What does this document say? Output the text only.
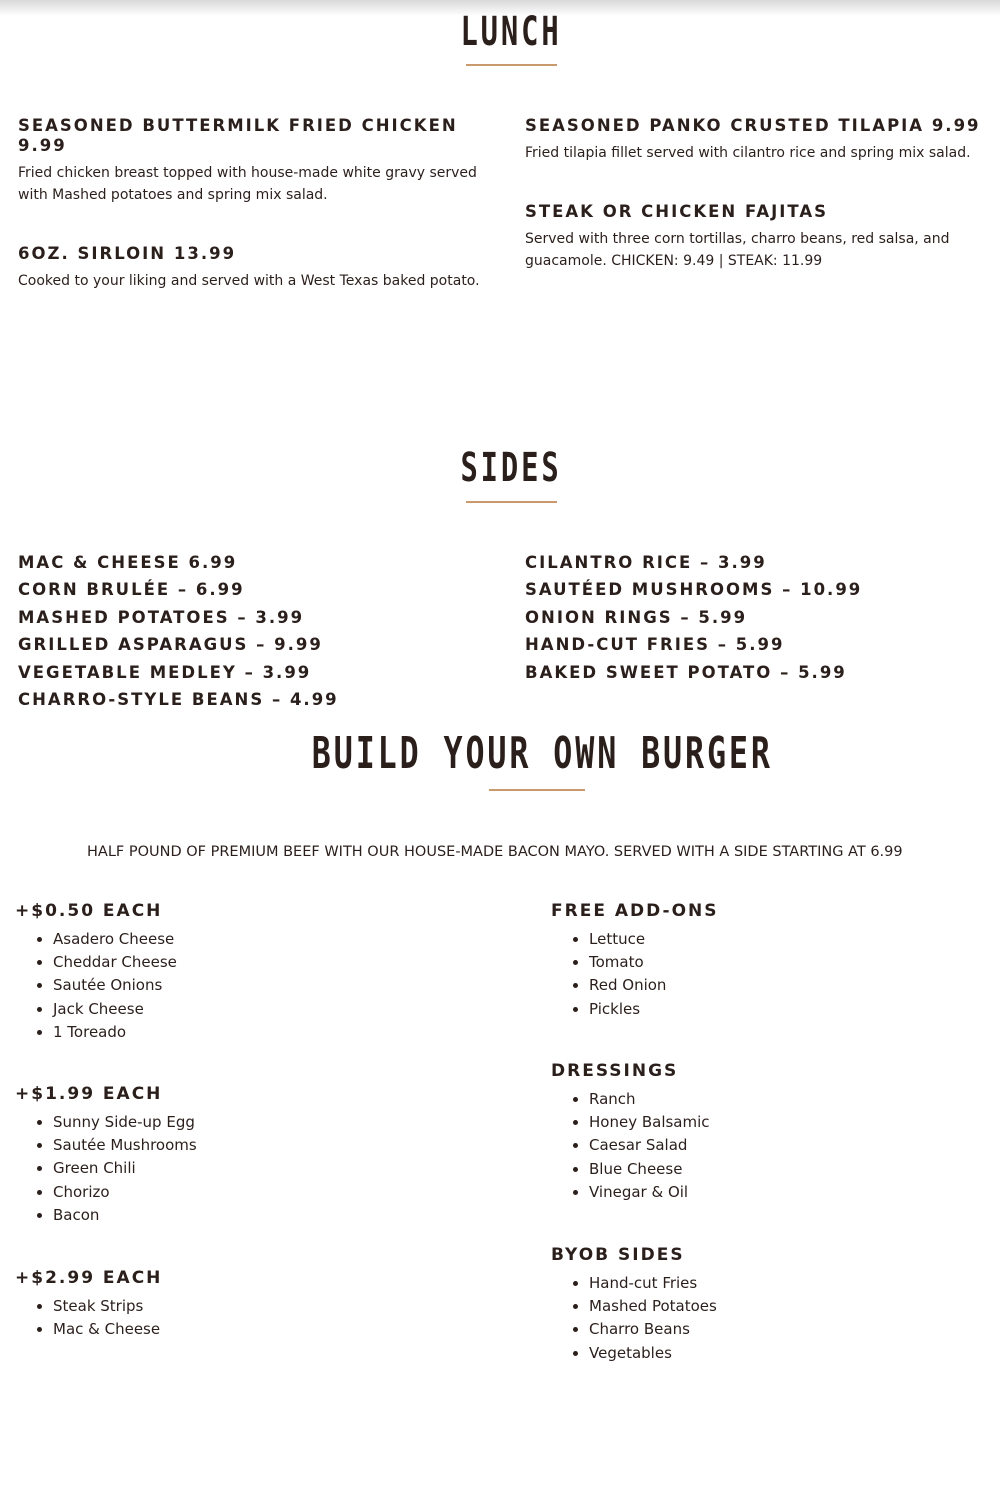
LUNCH
SEASONED BUTTERMILK FRIED CHICKEN 9.99

Fried chicken breast topped with house-made white gravy served with Mashed potatoes and spring mix salad.

6OZ. SIRLOIN 13.99

Cooked to your liking and served with a West Texas baked potato.

SEASONED PANKO CRUSTED TILAPIA 9.99

Fried tilapia fillet served with cilantro rice and spring mix salad.

STEAK OR CHICKEN FAJITAS

Served with three corn tortillas, charro beans, red salsa, and guacamole. CHICKEN: 9.49 | STEAK: 11.99

SIDES
MAC & CHEESE 6.99
CORN BRULÉE – 6.99
MASHED POTATOES – 3.99
GRILLED ASPARAGUS – 9.99
VEGETABLE MEDLEY – 3.99
CHARRO-STYLE BEANS – 4.99
CILANTRO RICE – 3.99
SAUTÉED MUSHROOMS – 10.99
ONION RINGS – 5.99
HAND-CUT FRIES – 5.99
BAKED SWEET POTATO – 5.99
BUILD YOUR OWN BURGER

HALF POUND OF PREMIUM BEEF WITH OUR HOUSE-MADE BACON MAYO. SERVED WITH A SIDE STARTING AT 6.99

+$0.50 EACH
Asadero Cheese
Cheddar Cheese
Sautée Onions
Jack Cheese
1 Toreado
+$1.99 EACH
Sunny Side-up Egg
Sautée Mushrooms
Green Chili
Chorizo
Bacon
+$2.99 EACH
Steak Strips
Mac & Cheese
FREE ADD-ONS
Lettuce
Tomato
Red Onion
Pickles
DRESSINGS
Ranch
Honey Balsamic
Caesar Salad
Blue Cheese
Vinegar & Oil
BYOB SIDES
Hand-cut Fries
Mashed Potatoes
Charro Beans
Vegetables
